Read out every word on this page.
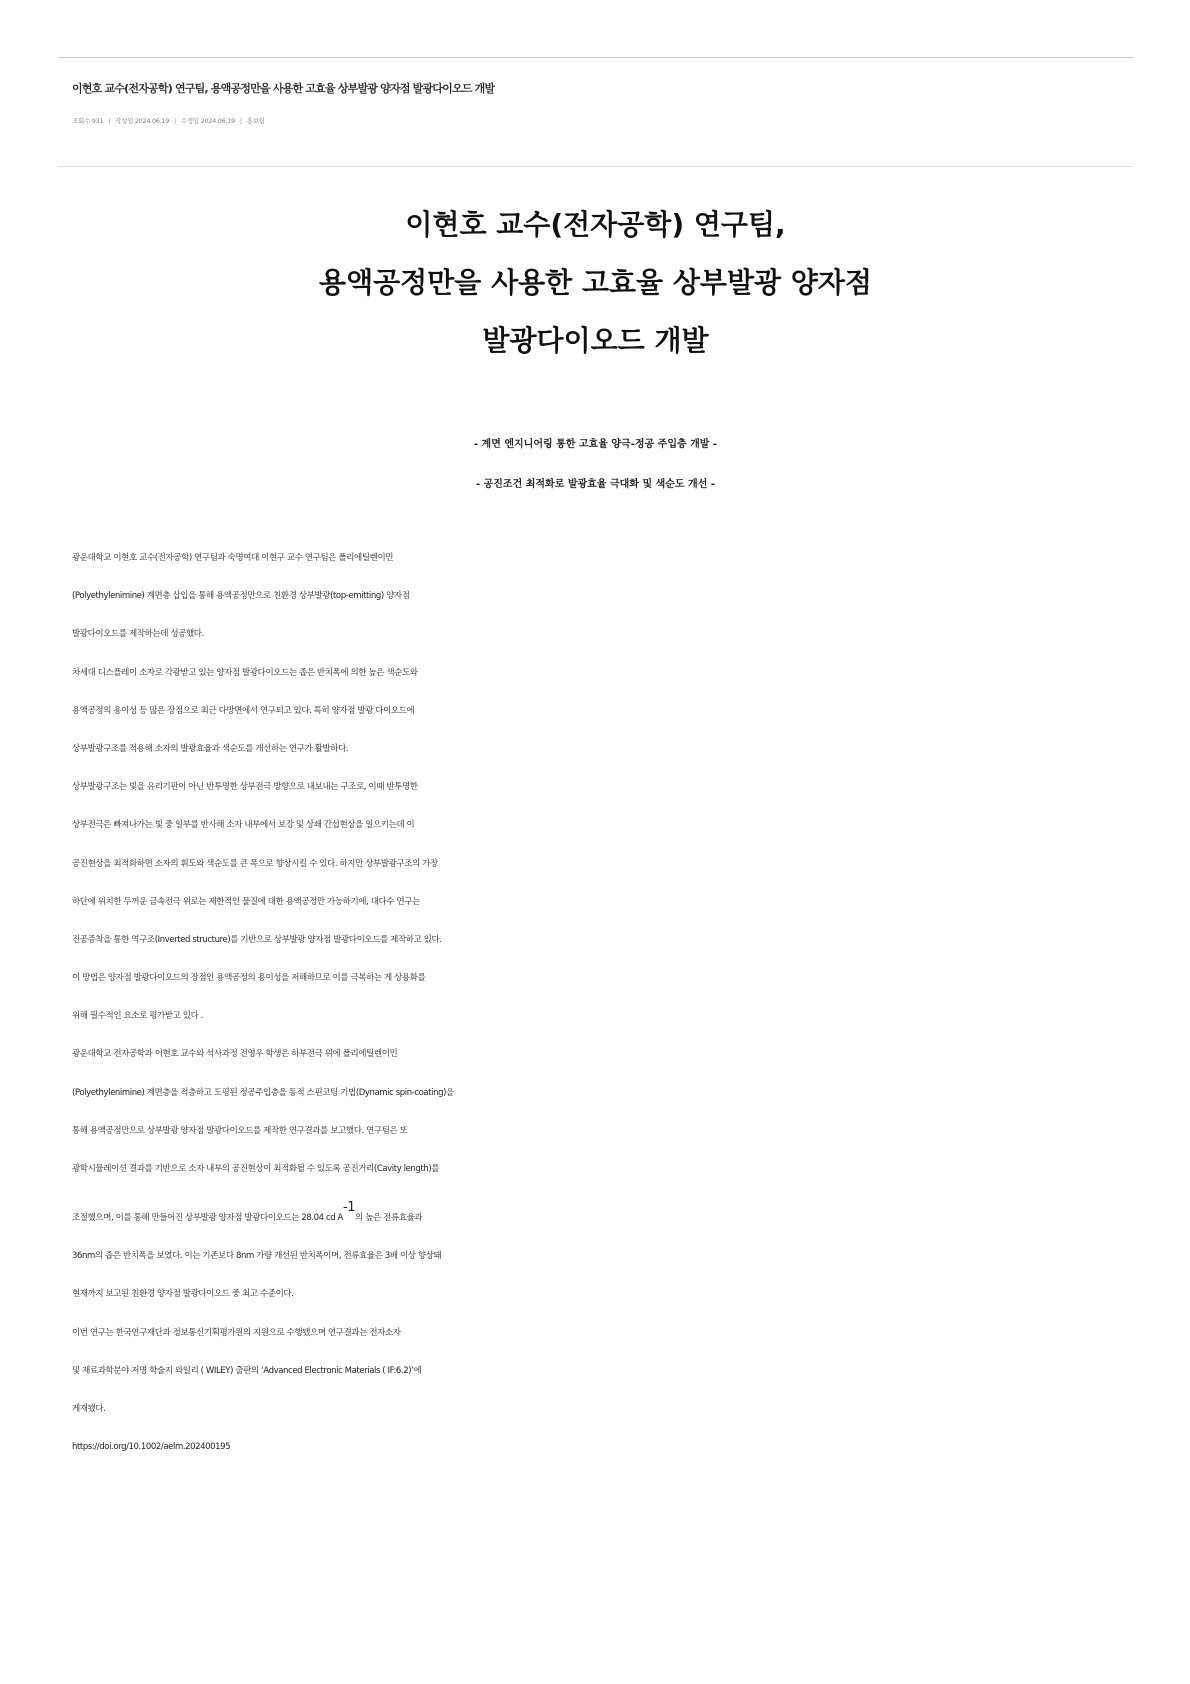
이현호 교수(전자공학) 연구팀, 용액공정만을 사용한 고효율 상부발광 양자점 발광다이오드 개발
조회수 931 | 작성일 2024.06.19 | 수정일 2024.06.19 | 홍보팀
이현호 교수(전자공학) 연구팀,
용액공정만을 사용한 고효율 상부발광 양자점
발광다이오드 개발
- 계면 엔지니어링 통한 고효율 양극-정공 주입층 개발 -
- 공진조건 최적화로 발광효율 극대화 및 색순도 개선 -
광운대학교 이현호 교수(전자공학) 연구팀과 숙명여대 이현구 교수 연구팀은 폴리에틸렌이민
(Polyethylenimine) 계면층 삽입을 통해 용액공정만으로 친환경 상부발광(top-emitting) 양자점
발광다이오드를 제작하는데 성공했다.
차세대 디스플레이 소자로 각광받고 있는 양자점 발광다이오드는 좁은 반치폭에 의한 높은 색순도와
용액공정의 용이성 등 많은 장점으로 최근 다방면에서 연구되고 있다. 특히 양자점 발광 다이오드에
상부발광구조를 적용해 소자의 발광효율과 색순도를 개선하는 연구가 활발하다.
상부발광구조는 빛을 유리기판이 아닌 반투명한 상부전극 방향으로 내보내는 구조로, 이때 반투명한
상부전극은 빠져나가는 빛 중 일부를 반사해 소자 내부에서 보강 및 상쇄 간섭현상을 일으키는데 이
공진현상을 최적화하면 소자의 휘도와 색순도를 큰 폭으로 향상시킬 수 있다. 하지만 상부발광구조의 가장
하단에 위치한 두꺼운 금속전극 위로는 제한적인 물질에 대한 용액공정만 가능하기에, 대다수 연구는
진공증착을 통한 역구조(Inverted structure)를 기반으로 상부발광 양자점 발광다이오드를 제작하고 있다.
이 방법은 양자점 발광다이오드의 장점인 용액공정의 용이성을 저해하므로 이를 극복하는 게 상용화를
위해 필수적인 요소로 평가받고 있다 .
광운대학교 전자공학과 이현호 교수와 석사과정 전영우 학생은 하부전극 위에 폴리에틸렌이민
(Polyethylenimine) 계면층을 적층하고 도핑된 정공주입층을 동적 스핀코팅 기법(Dynamic spin-coating)을
통해 용액공정만으로 상부발광 양자점 발광다이오드를 제작한 연구결과를 보고했다. 연구팀은 또
광학시뮬레이션 결과를 기반으로 소자 내부의 공진현상이 최적화될 수 있도록 공진거리(Cavity length)를
조절했으며, 이를 통해 만들어진 상부발광 양자점 발광다이오드는 28.04 cd $A^{-1}$의 높은 전류효율과
36nm의 좁은 반치폭을 보였다. 이는 기존보다 8nm 가량 개선된 반치폭이며, 전류효율은 3배 이상 향상돼
현재까지 보고된 친환경 양자점 발광다이오드 중 최고 수준이다.
이번 연구는 한국연구재단과 정보통신기획평가원의 지원으로 수행됐으며 연구결과는 전자소자
및 재료과학분야 저명 학술지 와일리 ( WILEY) 출판의 ‘Advanced Electronic Materials ( IF:6.2)’에
게재됐다.
https://doi.org/10.1002/aelm.202400195
